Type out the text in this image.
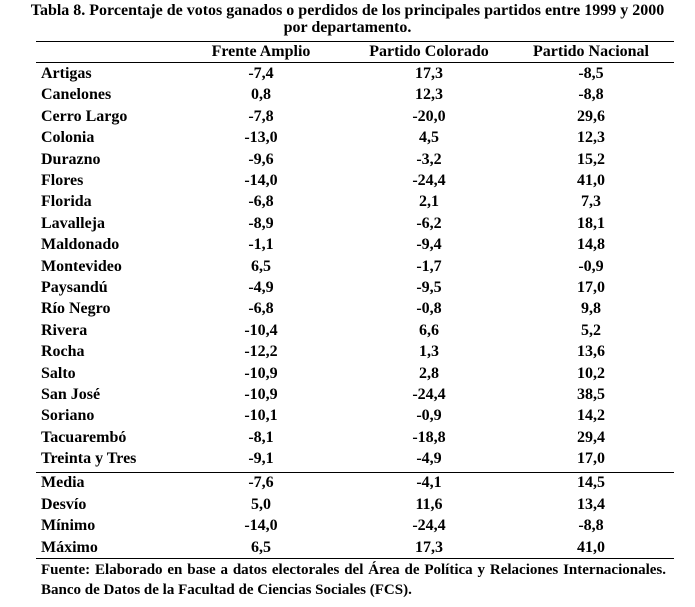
Tabla 8. Porcentaje de votos ganados o perdidos de los principales partidos entre 1999 y 2000 por departamento.
Frente Amplio	Partido Colorado	Partido Nacional
Artigas	-7,4	17,3	-8,5
Canelones	0,8	12,3	-8,8
Cerro Largo	-7,8	-20,0	29,6
Colonia	-13,0	4,5	12,3
Durazno	-9,6	-3,2	15,2
Flores	-14,0	-24,4	41,0
Florida	-6,8	2,1	7,3
Lavalleja	-8,9	-6,2	18,1
Maldonado	-1,1	-9,4	14,8
Montevideo	6,5	-1,7	-0,9
Paysandú	-4,9	-9,5	17,0
Río Negro	-6,8	-0,8	9,8
Rivera	-10,4	6,6	5,2
Rocha	-12,2	1,3	13,6
Salto	-10,9	2,8	10,2
San José	-10,9	-24,4	38,5
Soriano	-10,1	-0,9	14,2
Tacuarembó	-8,1	-18,8	29,4
Treinta y Tres	-9,1	-4,9	17,0
Media	-7,6	-4,1	14,5
Desvío	5,0	11,6	13,4
Mínimo	-14,0	-24,4	-8,8
Máximo	6,5	17,3	41,0
Fuente: Elaborado en base a datos electorales del Área de Política y Relaciones Internacionales. Banco de Datos de la Facultad de Ciencias Sociales (FCS).
